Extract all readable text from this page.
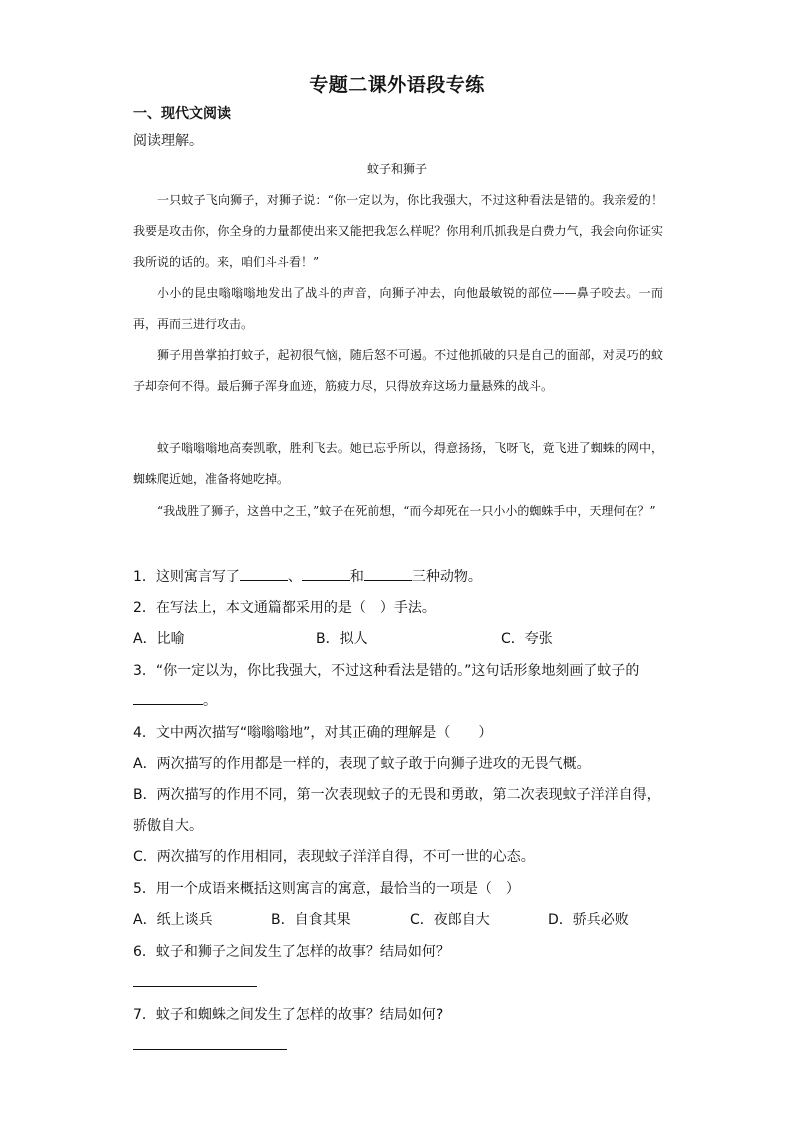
专题二课外语段专练
一、现代文阅读
阅读理解。
蚊子和狮子

一只蚊子飞向狮子，对狮子说：“你一定以为，你比我强大，不过这种看法是错的。我亲爱的！我要是攻击你，你全身的力量都使出来又能把我怎么样呢？你用利爪抓我是白费力气，我会向你证实我所说的话的。来，咱们斗斗看！”

小小的昆虫嗡嗡嗡地发出了战斗的声音，向狮子冲去，向他最敏锐的部位——鼻子咬去。一而再，再而三进行攻击。

狮子用兽掌拍打蚊子，起初很气恼，随后怒不可遏。不过他抓破的只是自己的面部，对灵巧的蚊子却奈何不得。最后狮子浑身血迹，筋疲力尽，只得放弃这场力量悬殊的战斗。

蚊子嗡嗡嗡地高奏凯歌，胜利飞去。她已忘乎所以，得意扬扬，飞呀飞，竟飞进了蜘蛛的网中，蜘蛛爬近她，准备将她吃掉。

“我战胜了狮子，这兽中之王，”蚊子在死前想，“而今却死在一只小小的蜘蛛手中，天理何在？”

1．这则寓言写了	、	和	三种动物。
2．在写法上，本文通篇都采用的是（　）手法。
A．比喻	B．拟人	C．夸张
3．“你一定以为，你比我强大，不过这种看法是错的。”这句话形象地刻画了蚊子的
。
4．文中两次描写“嗡嗡嗡地”，对其正确的理解是（　　）
A．两次描写的作用都是一样的，表现了蚊子敢于向狮子进攻的无畏气概。
B．两次描写的作用不同，第一次表现蚊子的无畏和勇敢，第二次表现蚊子洋洋自得，
骄傲自大。
C．两次描写的作用相同，表现蚊子洋洋自得，不可一世的心态。
5．用一个成语来概括这则寓言的寓意，最恰当的一项是（　）
A．纸上谈兵	B．自食其果	C．夜郎自大	D．骄兵必败
6．蚊子和狮子之间发生了怎样的故事？结局如何？
7．蚊子和蜘蛛之间发生了怎样的故事？结局如何?
